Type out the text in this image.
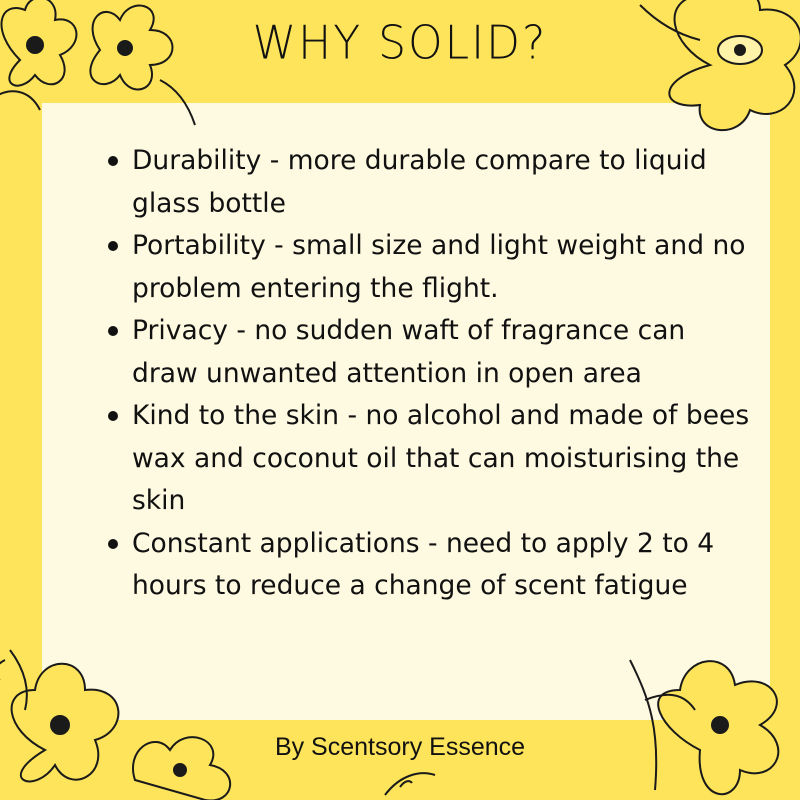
WHY SOLID?
Durability - more durable compare to liquid glass bottle
Portability - small size and light weight and no problem entering the flight.
Privacy - no sudden waft of fragrance can draw unwanted attention in open area
Kind to the skin - no alcohol and made of bees wax and coconut oil that can moisturising the skin
Constant applications - need to apply 2 to 4 hours to reduce a change of scent fatigue
By Scentsory Essence
